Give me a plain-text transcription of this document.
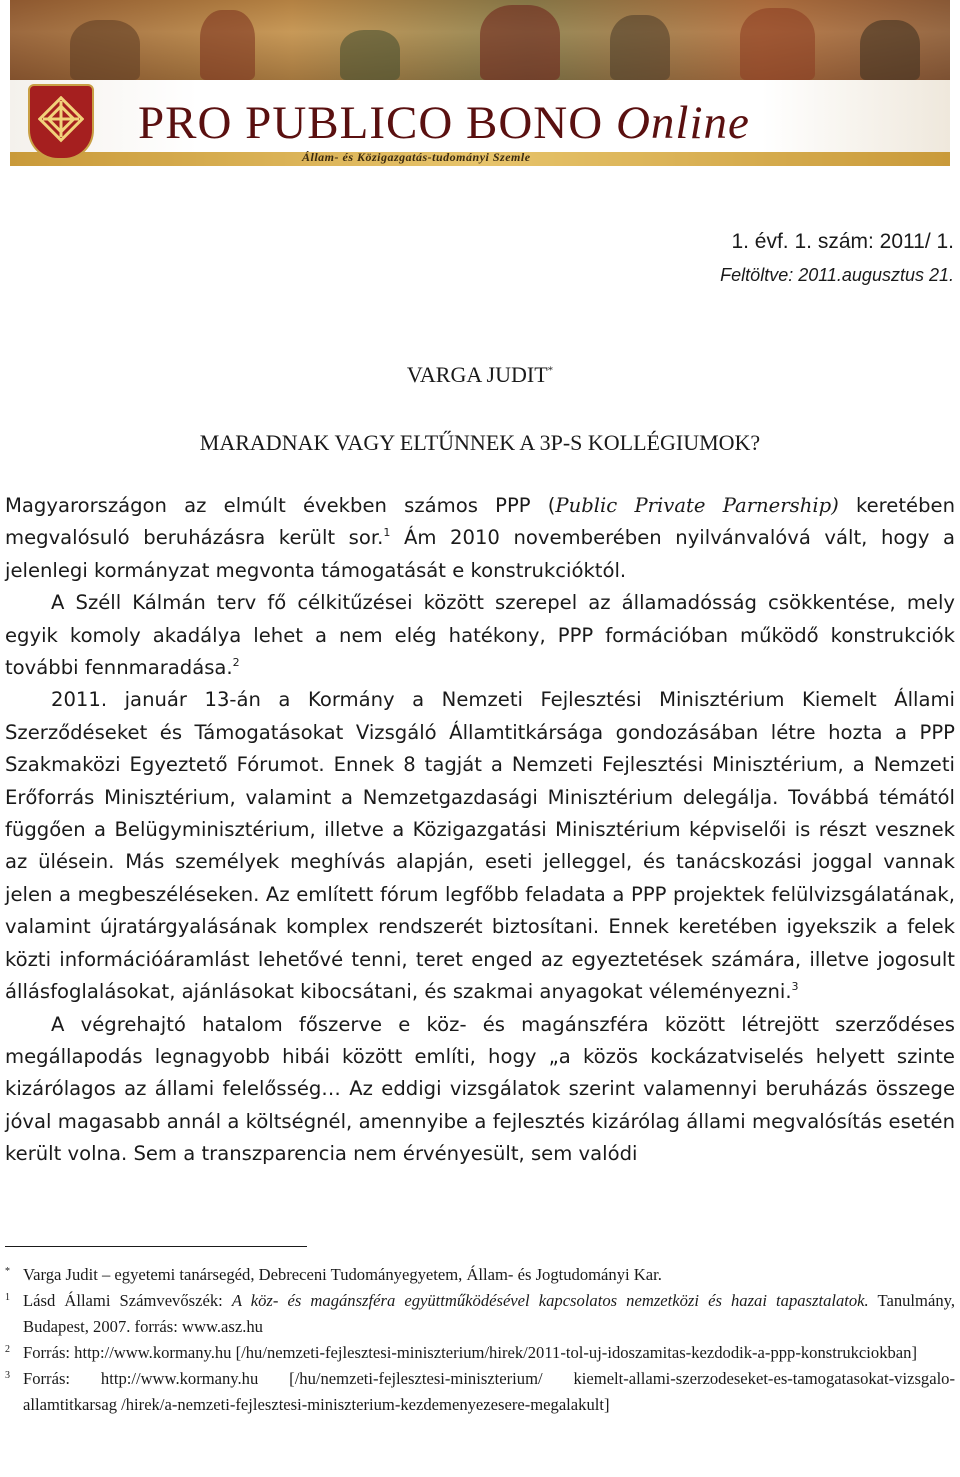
PRO PUBLICO BONO Online
Állam- és Közigazgatás-tudományi Szemle
1. évf. 1. szám: 2011/ 1.
Feltöltve: 2011.augusztus 21.
VARGA JUDIT*
MARADNAK VAGY ELTŰNNEK A 3P-S KOLLÉGIUMOK?

Magyarországon az elmúlt években számos PPP (Public Private Parnership) keretében megvalósuló beruházásra került sor.$^1$ Ám 2010 novemberében nyilvánvalóvá vált, hogy a jelenlegi kormányzat megvonta támogatását e konstrukcióktól.

A Széll Kálmán terv fő célkitűzései között szerepel az államadósság csökkentése, mely egyik komoly akadálya lehet a nem elég hatékony, PPP formációban működő konstrukciók további fennmaradása.$^2$

2011. január 13-án a Kormány a Nemzeti Fejlesztési Minisztérium Kiemelt Állami Szerződéseket és Támogatásokat Vizsgáló Államtitkársága gondozásában létre hozta a PPP Szakmaközi Egyeztető Fórumot. Ennek 8 tagját a Nemzeti Fejlesztési Minisztérium, a Nemzeti Erőforrás Minisztérium, valamint a Nemzetgazdasági Minisztérium delegálja. Továbbá témától függően a Belügyminisztérium, illetve a Közigazgatási Minisztérium képviselői is részt vesznek az ülésein. Más személyek meghívás alapján, eseti jelleggel, és tanácskozási joggal vannak jelen a megbeszéléseken. Az említett fórum legfőbb feladata a PPP projektek felülvizsgálatának, valamint újratárgyalásának komplex rendszerét biztosítani. Ennek keretében igyekszik a felek közti információáramlást lehetővé tenni, teret enged az egyeztetések számára, illetve jogosult állásfoglalásokat, ajánlásokat kibocsátani, és szakmai anyagokat véleményezni.$^3$

A végrehajtó hatalom főszerve e köz- és magánszféra között létrejött szerződéses megállapodás legnagyobb hibái között említi, hogy „a közös kockázatviselés helyett szinte kizárólagos az állami felelősség… Az eddigi vizsgálatok szerint valamennyi beruházás összege jóval magasabb annál a költségnél, amennyibe a fejlesztés kizárólag állami megvalósítás esetén került volna. Sem a transzparencia nem érvényesült, sem valódi

* Varga Judit – egyetemi tanársegéd, Debreceni Tudományegyetem, Állam- és Jogtudományi Kar.

$^1$ Lásd Állami Számvevőszék: A köz- és magánszféra együttműködésével kapcsolatos nemzetközi és hazai tapasztalatok. Tanulmány, Budapest, 2007. forrás: www.asz.hu

$^2$ Forrás: http://www.kormany.hu [/hu/nemzeti-fejlesztesi-miniszterium/hirek/2011-tol-uj-idoszamitas-kezdodik-a-ppp-konstrukciokban]

$^3$ Forrás: http://www.kormany.hu [/hu/nemzeti-fejlesztesi-miniszterium/ kiemelt-allami-szerzodeseket-es-tamogatasokat-vizsgalo-allamtitkarsag /hirek/a-nemzeti-fejlesztesi-miniszterium-kezdemenyezesere-megalakult]
